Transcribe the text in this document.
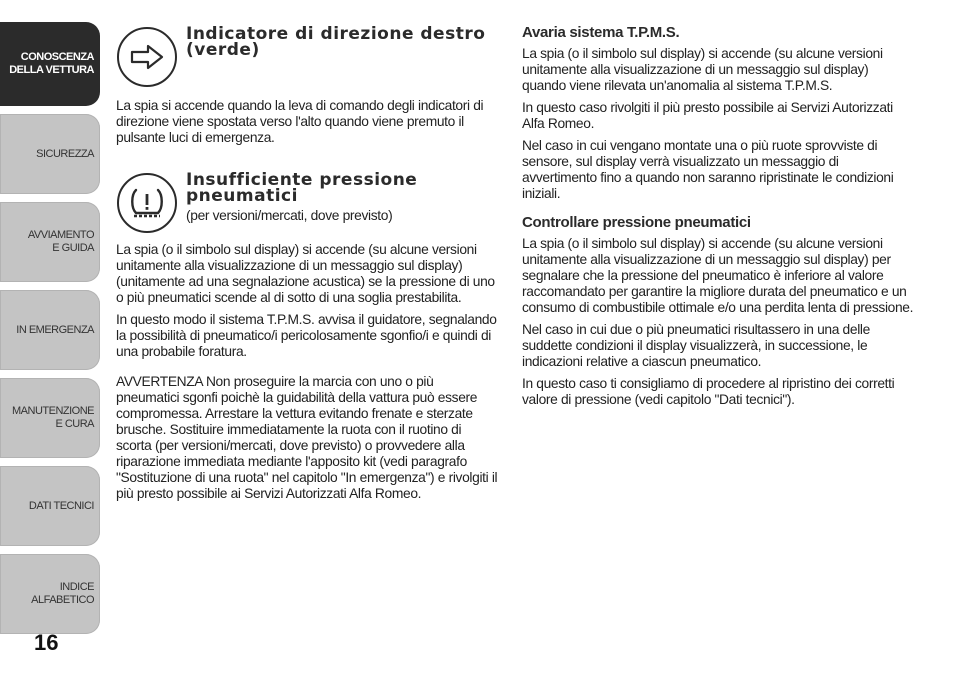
CONOSCENZA DELLA VETTURA
SICUREZZA
AVVIAMENTO E GUIDA
IN EMERGENZA
MANUTENZIONE E CURA
DATI TECNICI
INDICE ALFABETICO
16
Indicatore di direzione destro (verde)

La spia si accende quando la leva di comando degli indicatori di direzione viene spostata verso l'alto quando viene premuto il pulsante luci di emergenza.

Insufficiente pressione pneumatici

(per versioni/mercati, dove previsto)

La spia (o il simbolo sul display) si accende (su alcune versioni unitamente alla visualizzazione di un messaggio sul display) (unitamente ad una segnalazione acustica) se la pressione di uno o più pneumatici scende al di sotto di una soglia prestabilita.

In questo modo il sistema T.P.M.S. avvisa il guidatore, segnalando la possibilità di pneumatico/i pericolosamente sgonfio/i e quindi di una probabile foratura.

AVVERTENZA Non proseguire la marcia con uno o più pneumatici sgonfi poichè la guidabilità della vattura può essere compromessa. Arrestare la vettura evitando frenate e sterzate brusche. Sostituire immediatamente la ruota con il ruotino di scorta (per versioni/mercati, dove previsto) o provvedere alla riparazione immediata mediante l'apposito kit (vedi paragrafo "Sostituzione di una ruota" nel capitolo "In emergenza") e rivolgiti il più presto possibile ai Servizi Autorizzati Alfa Romeo.

Avaria sistema T.P.M.S.

La spia (o il simbolo sul display) si accende (su alcune versioni unitamente alla visualizzazione di un messaggio sul display) quando viene rilevata un'anomalia al sistema T.P.M.S.

In questo caso rivolgiti il più presto possibile ai Servizi Autorizzati Alfa Romeo.

Nel caso in cui vengano montate una o più ruote sprovviste di sensore, sul display verrà visualizzato un messaggio di avvertimento fino a quando non saranno ripristinate le condizioni iniziali.

Controllare pressione pneumatici

La spia (o il simbolo sul display) si accende (su alcune versioni unitamente alla visualizzazione di un messaggio sul display) per segnalare che la pressione del pneumatico è inferiore al valore raccomandato per garantire la migliore durata del pneumatico e un consumo di combustibile ottimale e/o una perdita lenta di pressione.

Nel caso in cui due o più pneumatici risultassero in una delle suddette condizioni il display visualizzerà, in successione, le indicazioni relative a ciascun pneumatico.

In questo caso ti consigliamo di procedere al ripristino dei corretti valore di pressione (vedi capitolo "Dati tecnici").
